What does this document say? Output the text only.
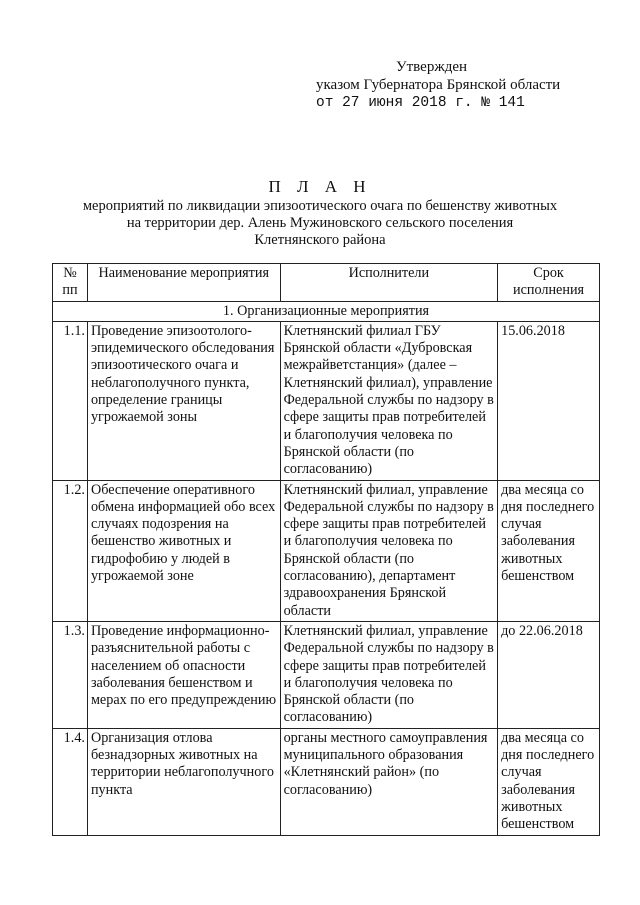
Утвержден
указом Губернатора Брянской области
от 27 июня 2018 г. № 141
П Л А Н
мероприятий по ликвидации эпизоотического очага по бешенству животных
на территории дер. Алень Мужиновского сельского поселения
Клетнянского района
№ пп	Наименование мероприятия	Исполнители	Срок исполнения
1. Организационные мероприятия			
1.1.	Проведение эпизоотолого-эпидемического обследования эпизоотического очага и неблагополучного пункта, определение границы угрожаемой зоны	Клетнянский филиал ГБУ Брянской области «Дубровская межрайветстанция» (далее – Клетнянский филиал), управление Федеральной службы по надзору в сфере защиты прав потребителей и благополучия человека по Брянской области (по согласованию)	15.06.2018
1.2.	Обеспечение оперативного обмена информацией обо всех случаях подозрения на бешенство животных и гидрофобию у людей в угрожаемой зоне	Клетнянский филиал, управление Федеральной службы по надзору в сфере защиты прав потребителей и благополучия человека по Брянской области (по согласованию), департамент здравоохранения Брянской области	два месяца со дня последнего случая заболевания животных бешенством
1.3.	Проведение информационно-разъяснительной работы с населением об опасности заболевания бешенством и мерах по его предупреждению	Клетнянский филиал, управление Федеральной службы по надзору в сфере защиты прав потребителей и благополучия человека по Брянской области (по согласованию)	до 22.06.2018
1.4.	Организация отлова безнадзорных животных на территории неблагополучного пункта	органы местного самоуправления муниципального образования «Клетнянский район» (по согласованию)	два месяца со дня последнего случая заболевания животных бешенством
